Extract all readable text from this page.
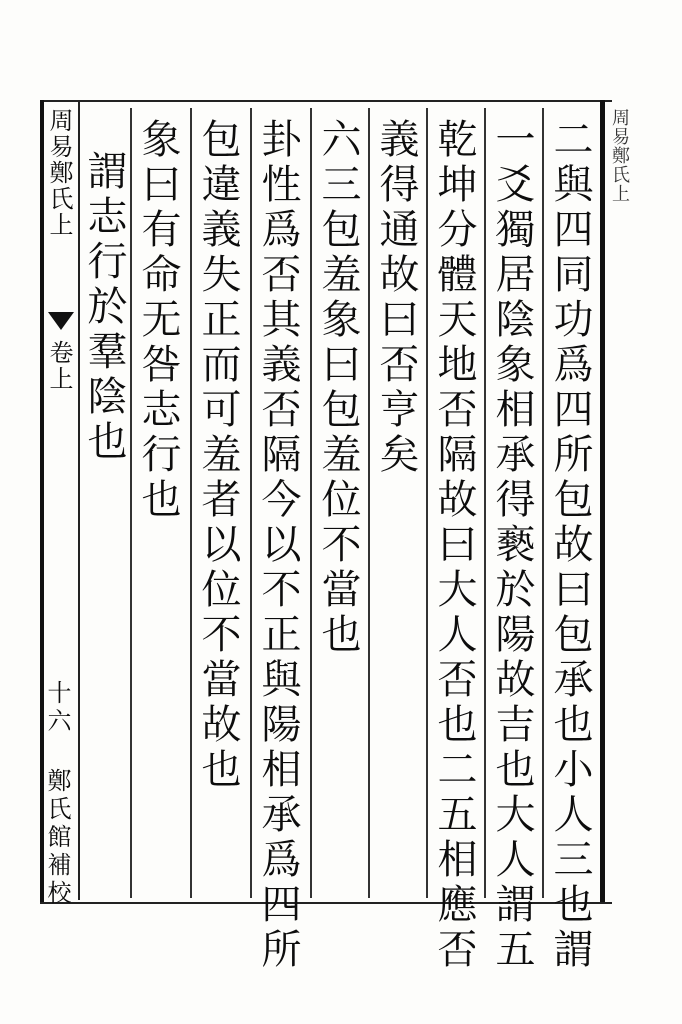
周易鄭氏上
卷上
十六 鄭氏館補校	二與四同功爲四所包故曰包承也小人三也謂
一爻獨居陰象相承得褻於陽故吉也大人謂五
乾坤分體天地否隔故曰大人否也二五相應否
義得通故曰否亨矣
六三包羞象曰包羞位不當也
卦性爲否其義否隔今以不正與陽相承爲四所
包違義失正而可羞者以位不當故也
象曰有命无咎志行也
謂志行於羣陰也	周易鄭氏上
